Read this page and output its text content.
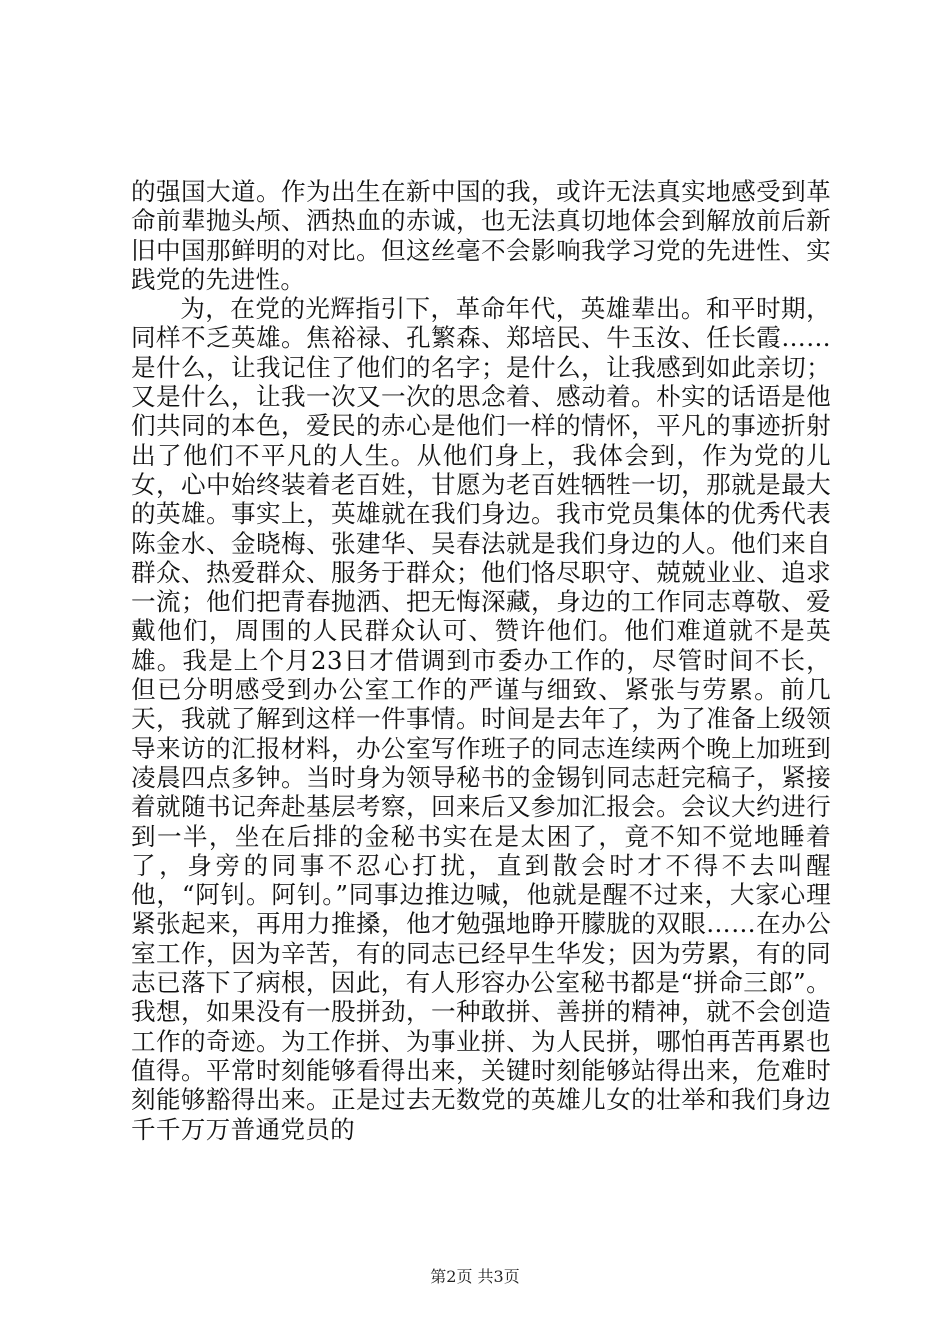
的强国大道。作为出生在新中国的我，或许无法真实地感受到革命前辈抛头颅、洒热血的赤诚，也无法真切地体会到解放前后新旧中国那鲜明的对比。但这丝毫不会影响我学习党的先进性、实践党的先进性。

为，在党的光辉指引下，革命年代，英雄辈出。和平时期，同样不乏英雄。焦裕禄、孔繁森、郑培民、牛玉汝、任长霞……是什么，让我记住了他们的名字；是什么，让我感到如此亲切；又是什么，让我一次又一次的思念着、感动着。朴实的话语是他们共同的本色，爱民的赤心是他们一样的情怀，平凡的事迹折射出了他们不平凡的人生。从他们身上，我体会到，作为党的儿女，心中始终装着老百姓，甘愿为老百姓牺牲一切，那就是最大的英雄。事实上，英雄就在我们身边。我市党员集体的优秀代表陈金水、金晓梅、张建华、吴春法就是我们身边的人。他们来自群众、热爱群众、服务于群众；他们恪尽职守、兢兢业业、追求一流；他们把青春抛洒、把无悔深藏，身边的工作同志尊敬、爱戴他们，周围的人民群众认可、赞许他们。他们难道就不是英雄。我是上个月23日才借调到市委办工作的，尽管时间不长，但已分明感受到办公室工作的严谨与细致、紧张与劳累。前几天，我就了解到这样一件事情。时间是去年了，为了准备上级领导来访的汇报材料，办公室写作班子的同志连续两个晚上加班到凌晨四点多钟。当时身为领导秘书的金锡钊同志赶完稿子，紧接着就随书记奔赴基层考察，回来后又参加汇报会。会议大约进行到一半，坐在后排的金秘书实在是太困了，竟不知不觉地睡着了，身旁的同事不忍心打扰，直到散会时才不得不去叫醒他，“阿钊。阿钊。”同事边推边喊，他就是醒不过来，大家心理紧张起来，再用力推搡，他才勉强地睁开朦胧的双眼……在办公室工作，因为辛苦，有的同志已经早生华发；因为劳累，有的同志已落下了病根，因此，有人形容办公室秘书都是“拼命三郎”。我想，如果没有一股拼劲，一种敢拼、善拼的精神，就不会创造工作的奇迹。为工作拼、为事业拼、为人民拼，哪怕再苦再累也值得。平常时刻能够看得出来，关键时刻能够站得出来，危难时刻能够豁得出来。正是过去无数党的英雄儿女的壮举和我们身边千千万万普通党员的

第2页 共3页
